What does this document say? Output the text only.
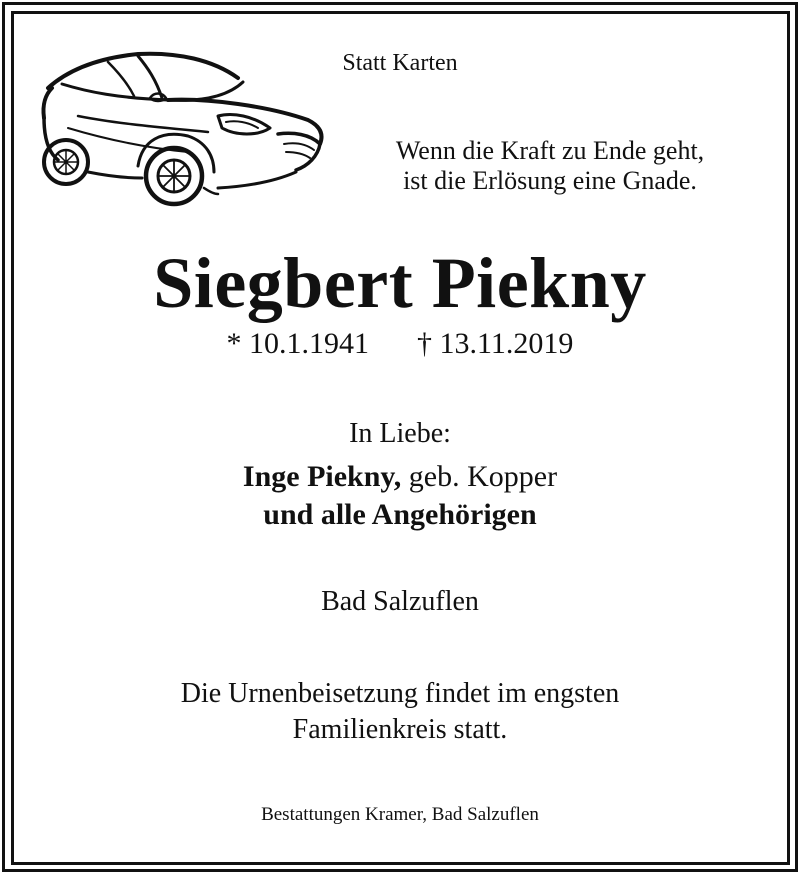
Statt Karten
Wenn die Kraft zu Ende geht,
ist die Erlösung eine Gnade.
Siegbert Piekny
* 10.1.1941 † 13.11.2019
In Liebe:
Inge Piekny, geb. Kopper
und alle Angehörigen
Bad Salzuflen
Die Urnenbeisetzung findet im engsten
Familienkreis statt.
Bestattungen Kramer, Bad Salzuflen
